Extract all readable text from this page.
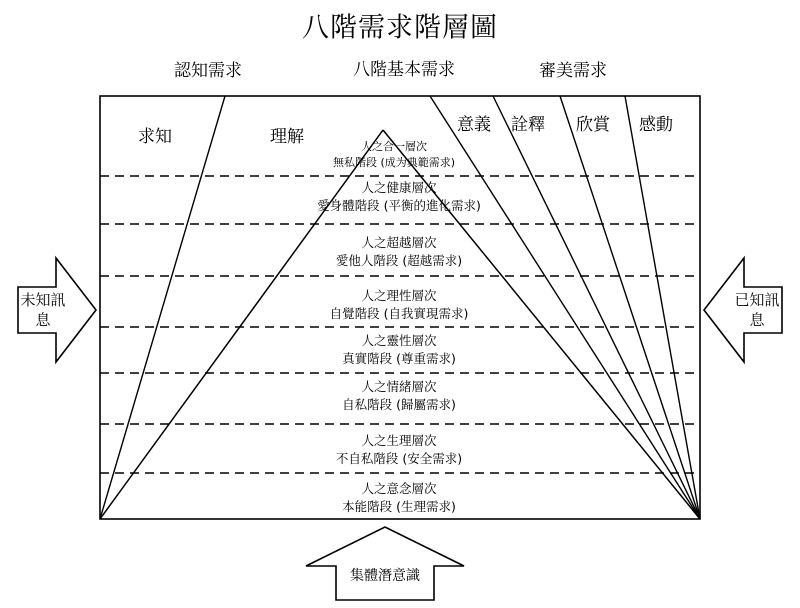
八階需求階層圖
認知需求	八階基本需求	審美需求
求知	理解
意義 詮釋 欣賞 感動
未知訊息
已知訊息
人之合一層次
無私階段 (成为典範需求)
人之健康層次
愛身體階段 (平衡的進化需求)
人之超越層次
愛他人階段 (超越需求)
人之理性層次
自覺階段 (自我實現需求)
人之靈性層次
真實階段 (尊重需求)
人之情緒層次
自私階段 (歸屬需求)
人之生理層次
不自私階段 (安全需求)
人之意念層次
本能階段 (生理需求)
集體潛意識
